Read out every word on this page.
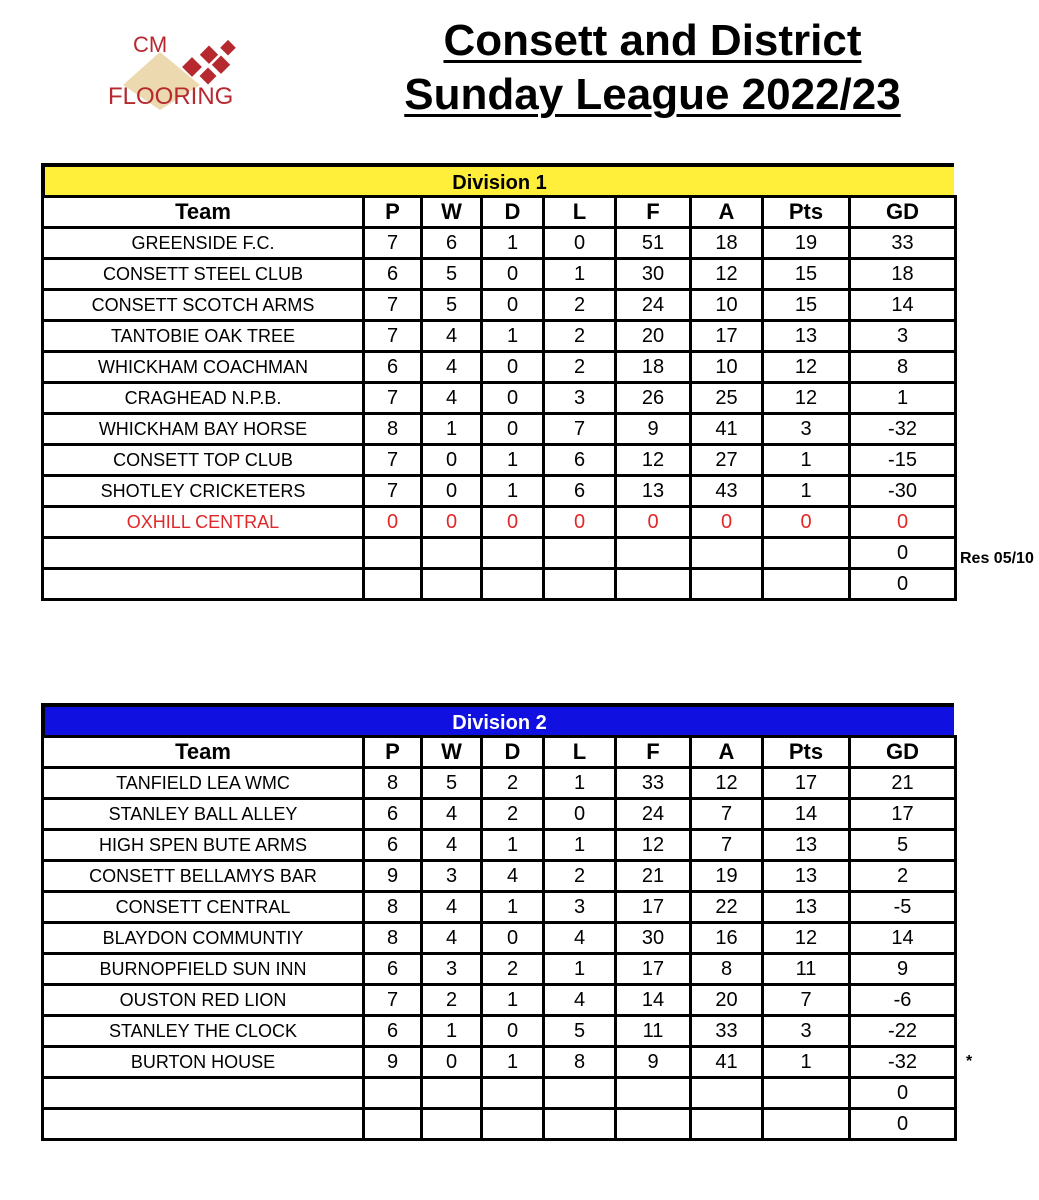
CM
FLOORING
Consett and District
Sunday League 2022/23
Division 1
Team	P	W	D	L	F	A	Pts	GD
GREENSIDE F.C.	7	6	1	0	51	18	19	33
CONSETT STEEL CLUB	6	5	0	1	30	12	15	18
CONSETT SCOTCH ARMS	7	5	0	2	24	10	15	14
TANTOBIE OAK TREE	7	4	1	2	20	17	13	3
WHICKHAM COACHMAN	6	4	0	2	18	10	12	8
CRAGHEAD N.P.B.	7	4	0	3	26	25	12	1
WHICKHAM BAY HORSE	8	1	0	7	9	41	3	-32
CONSETT TOP CLUB	7	0	1	6	12	27	1	-15
SHOTLEY CRICKETERS	7	0	1	6	13	43	1	-30
OXHILL CENTRAL	0	0	0	0	0	0	0	0
								0
								0
Res 05/10
Division 2
Team	P	W	D	L	F	A	Pts	GD
TANFIELD LEA WMC	8	5	2	1	33	12	17	21
STANLEY BALL ALLEY	6	4	2	0	24	7	14	17
HIGH SPEN BUTE ARMS	6	4	1	1	12	7	13	5
CONSETT BELLAMYS BAR	9	3	4	2	21	19	13	2
CONSETT CENTRAL	8	4	1	3	17	22	13	-5
BLAYDON COMMUNTIY	8	4	0	4	30	16	12	14
BURNOPFIELD SUN INN	6	3	2	1	17	8	11	9
OUSTON RED LION	7	2	1	4	14	20	7	-6
STANLEY THE CLOCK	6	1	0	5	11	33	3	-22
BURTON HOUSE	9	0	1	8	9	41	1	-32
								0
								0
*
